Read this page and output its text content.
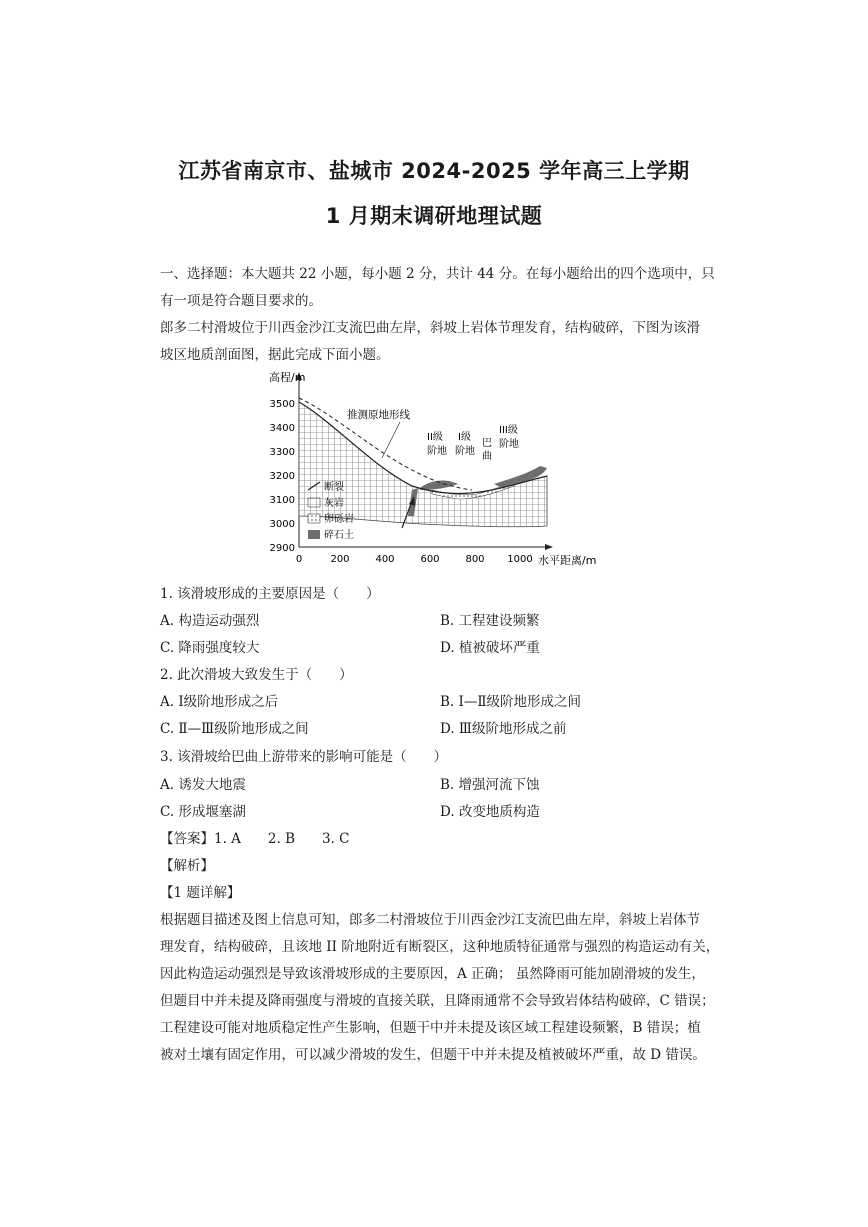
江苏省南京市、盐城市 2024-2025 学年高三上学期
1 月期末调研地理试题
一、选择题：本大题共 22 小题，每小题 2 分，共计 44 分。在每小题给出的四个选项中，只
有一项是符合题目要求的。
郎多二村滑坡位于川西金沙江支流巴曲左岸，斜坡上岩体节理发育，结构破碎，下图为该滑
坡区地质剖面图，据此完成下面小题。
高程/m
水平距离/m
3500
3400
3300
3200
3100
3000
2900
0	200	400	600	800 1000
推测原地形线
II级
阶地
I级
阶地
巴
曲
III级
阶地
断裂
灰岩
卵砾岩
碎石土
1. 该滑坡形成的主要原因是（　　）
A. 构造运动强烈	B. 工程建设频繁
C. 降雨强度较大	D. 植被破坏严重
2. 此次滑坡大致发生于（　　）
A. Ⅰ级阶地形成之后	B. Ⅰ—Ⅱ级阶地形成之间
C. Ⅱ—Ⅲ级阶地形成之间	D. Ⅲ级阶地形成之前
3. 该滑坡给巴曲上游带来的影响可能是（　　）
A. 诱发大地震	B. 增强河流下蚀
C. 形成堰塞湖	D. 改变地质构造
【答案】1. A　　2. B　　3. C
【解析】
【1 题详解】
根据题目描述及图上信息可知，郎多二村滑坡位于川西金沙江支流巴曲左岸，斜坡上岩体节
理发育，结构破碎，且该地 II 阶地附近有断裂区，这种地质特征通常与强烈的构造运动有关，
因此构造运动强烈是导致该滑坡形成的主要原因，A 正确； 虽然降雨可能加剧滑坡的发生，
但题目中并未提及降雨强度与滑坡的直接关联，且降雨通常不会导致岩体结构破碎，C 错误；
工程建设可能对地质稳定性产生影响，但题干中并未提及该区域工程建设频繁，B 错误；植
被对土壤有固定作用，可以减少滑坡的发生，但题干中并未提及植被破坏严重，故 D 错误。
